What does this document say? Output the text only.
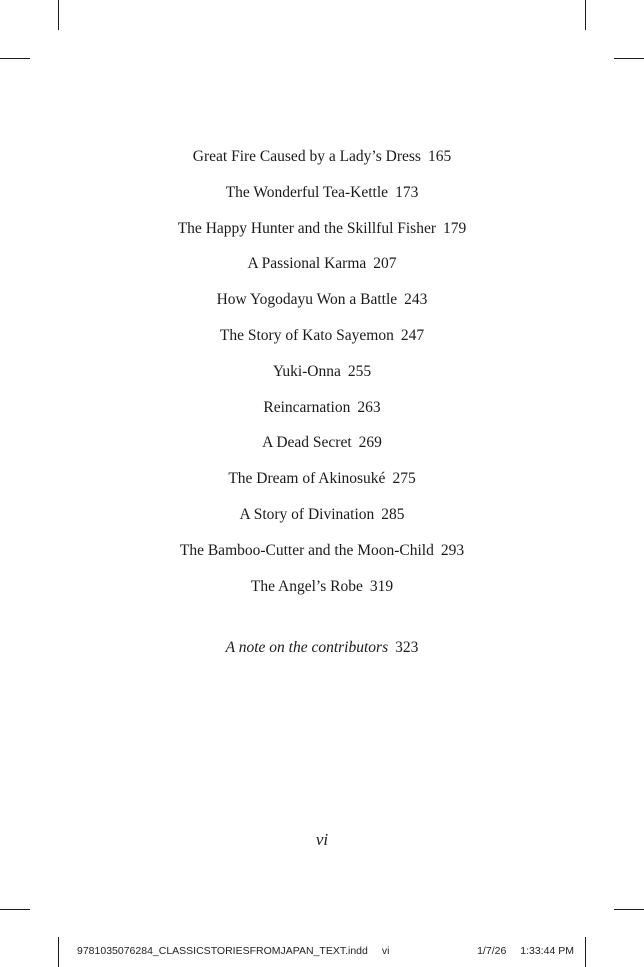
Great Fire Caused by a Lady’s Dress 165
The Wonderful Tea-Kettle 173
The Happy Hunter and the Skillful Fisher 179
A Passional Karma 207
How Yogodayu Won a Battle 243
The Story of Kato Sayemon 247
Yuki-Onna 255
Reincarnation 263
A Dead Secret 269
The Dream of Akinosuké 275
A Story of Divination 285
The Bamboo-Cutter and the Moon-Child 293
The Angel’s Robe 319
A note on the contributors 323
vi
9781035076284_CLASSICSTORIESFROMJAPAN_TEXT.indd vi	1/7/26 1:33:44 PM
